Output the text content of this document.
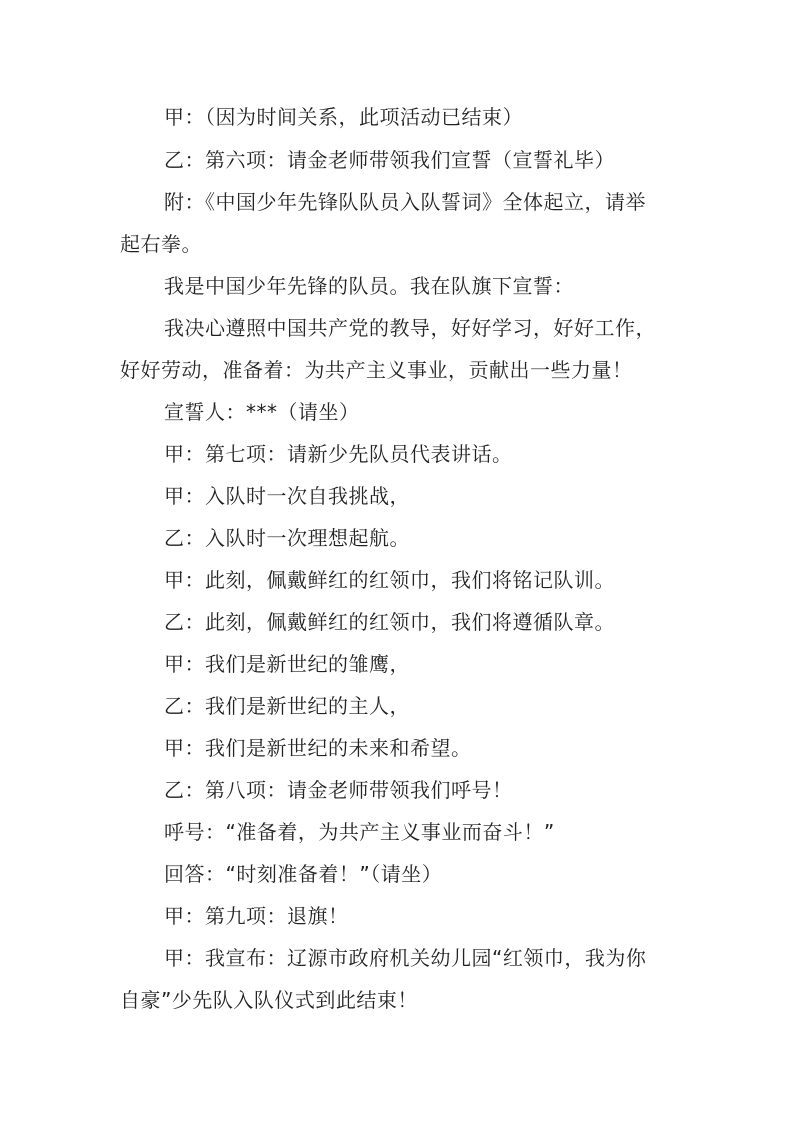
甲：（因为时间关系，此项活动已结束）
乙：第六项：请金老师带领我们宣誓（宣誓礼毕）
附：《中国少年先锋队队员入队誓词》全体起立，请举
起右拳。
我是中国少年先锋的队员。我在队旗下宣誓：
我决心遵照中国共产党的教导，好好学习，好好工作，
好好劳动，准备着：为共产主义事业，贡献出一些力量！
宣誓人：***（请坐）
甲：第七项：请新少先队员代表讲话。
甲：入队时一次自我挑战，
乙：入队时一次理想起航。
甲：此刻，佩戴鲜红的红领巾，我们将铭记队训。
乙：此刻，佩戴鲜红的红领巾，我们将遵循队章。
甲：我们是新世纪的雏鹰，
乙：我们是新世纪的主人，
甲：我们是新世纪的未来和希望。
乙：第八项：请金老师带领我们呼号！
呼号：“准备着，为共产主义事业而奋斗！”
回答：“时刻准备着！”（请坐）
甲：第九项：退旗！
甲：我宣布：辽源市政府机关幼儿园“红领巾，我为你
自豪”少先队入队仪式到此结束！
